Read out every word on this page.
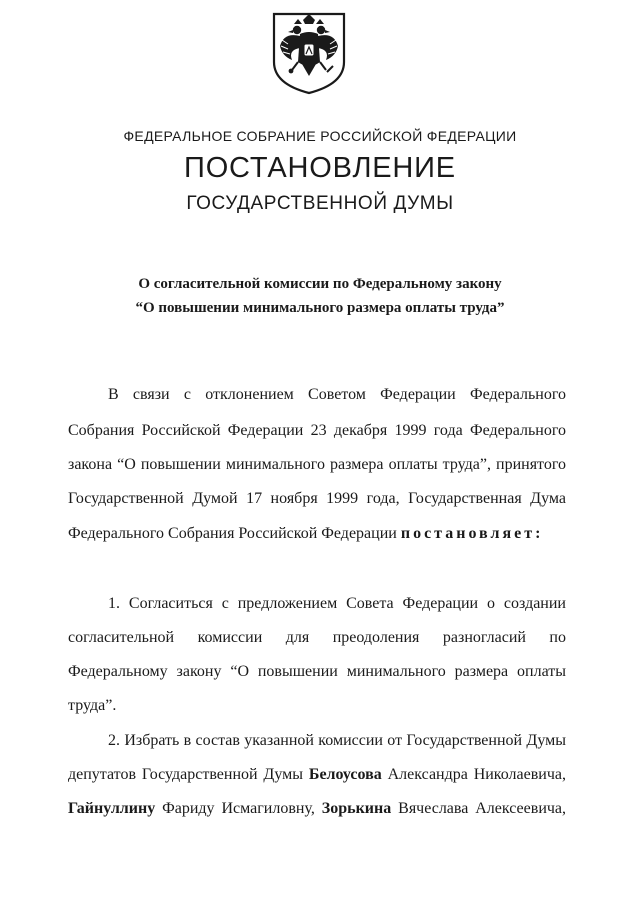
ФЕДЕРАЛЬНОЕ СОБРАНИЕ РОССИЙСКОЙ ФЕДЕРАЦИИ
ПОСТАНОВЛЕНИЕ
ГОСУДАРСТВЕННОЙ ДУМЫ
О согласительной комиссии по Федеральному закону
“О повышении минимального размера оплаты труда”
В связи с отклонением Советом Федерации Федерального
Собрания Российской Федерации 23 декабря 1999 года Федерального
закона “О повышении минимального размера оплаты труда”, принятого
Государственной Думой 17 ноября 1999 года, Государственная Дума
Федерального Собрания Российской Федерации постановляет:
1. Согласиться с предложением Совета Федерации о создании
согласительной комиссии для преодоления разногласий по
Федеральному закону “О повышении минимального размера оплаты
труда”.
2. Избрать в состав указанной комиссии от Государственной Думы
депутатов Государственной Думы Белоусова Александра Николаевича,
Гайнуллину Фариду Исмагиловну, Зорькина Вячеслава Алексеевича,
